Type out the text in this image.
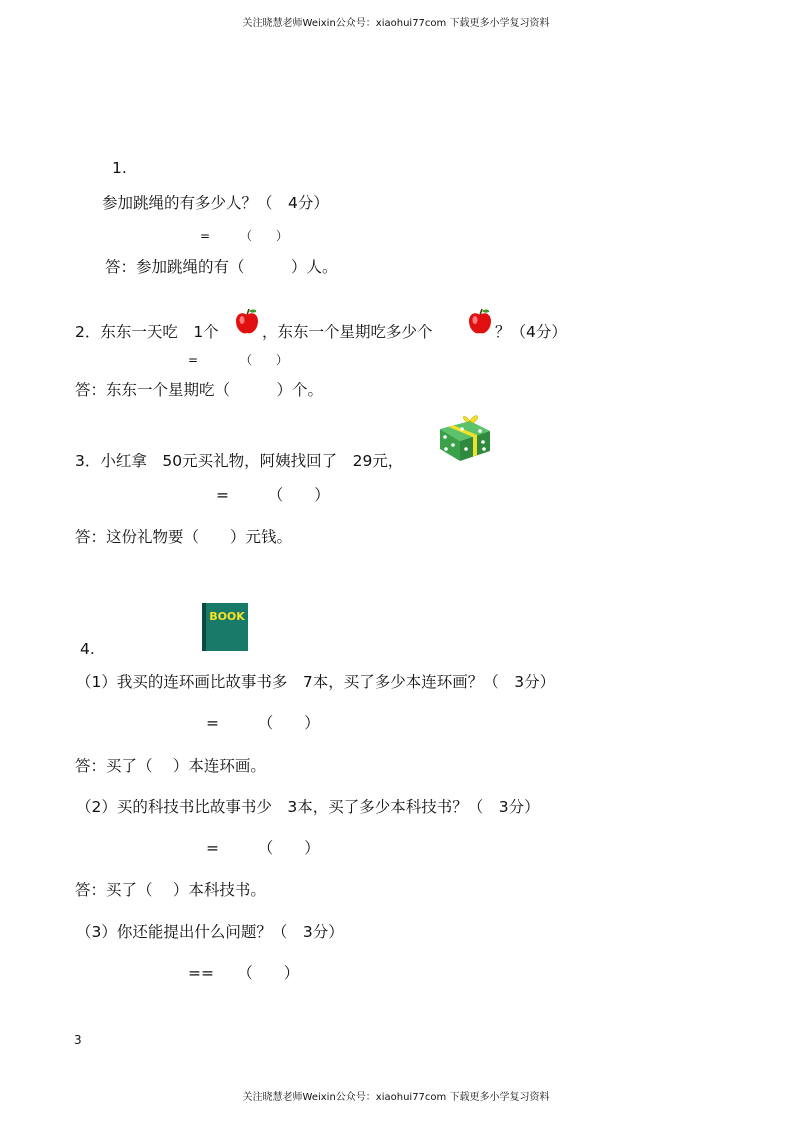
关注晓慧老师Weixin公众号：xiaohui77com 下载更多小学复习资料
1.
参加跳绳的有多少人？（　4分）
=　　　（　　）
答：参加跳绳的有（　　　）人。
2．东东一天吃　1个	，东东一个星期吃多少个	？（4分）
=　　　　（　　）
答：东东一个星期吃（　　　）个。
3．小红拿　50元买礼物，阿姨找回了　29元，
=　　　（　　）
答：这份礼物要（　　）元钱。
BOOK
4.
（1）我买的连环画比故事书多　7本，买了多少本连环画？（　3分）
=　　　（　　）
答：买了（　 ）本连环画。
（2）买的科技书比故事书少　3本，买了多少本科技书？（　3分）
=　　　（　　）
答：买了（　 ）本科技书。
（3）你还能提出什么问题？（　3分）
==　　（　　）
3
关注晓慧老师Weixin公众号：xiaohui77com 下载更多小学复习资料
